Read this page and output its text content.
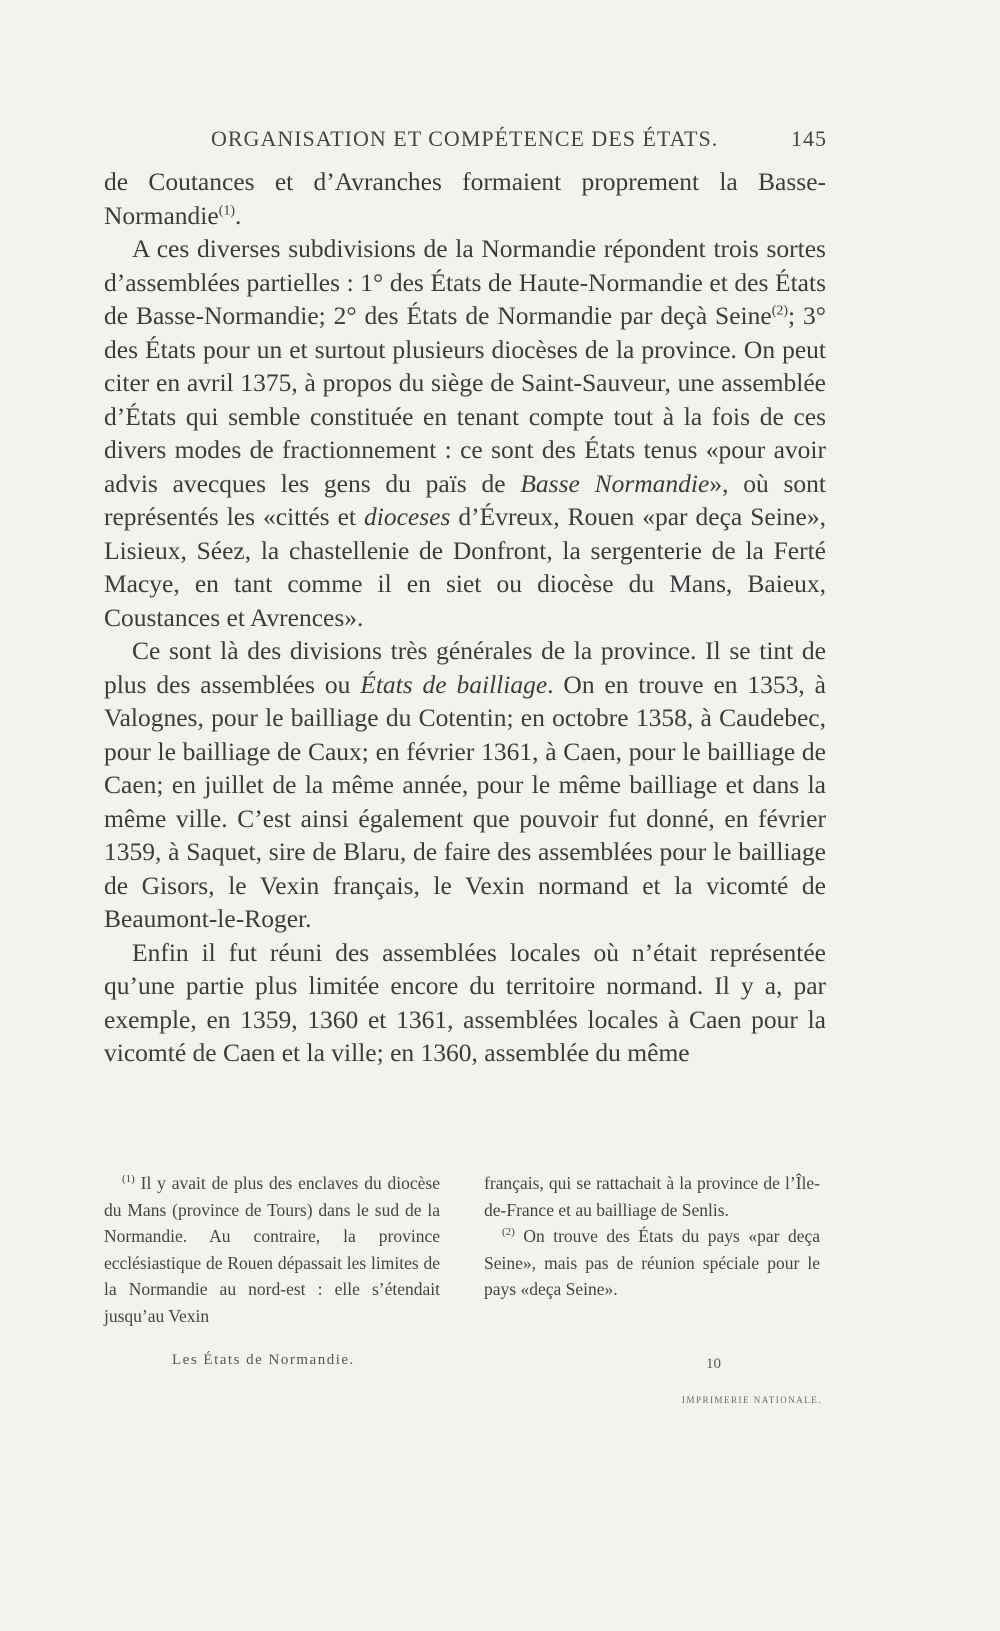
ORGANISATION ET COMPÉTENCE DES ÉTATS.	145

de Coutances et d’Avranches formaient proprement la Basse-Normandie$^{(1)}$.

A ces diverses subdivisions de la Normandie répondent trois sortes d’assemblées partielles : 1° des États de Haute-Normandie et des États de Basse-Normandie; 2° des États de Normandie par deçà Seine$^{(2)}$; 3° des États pour un et surtout plusieurs diocèses de la province. On peut citer en avril 1375, à propos du siège de Saint-Sauveur, une assemblée d’États qui semble constituée en tenant compte tout à la fois de ces divers modes de fractionnement : ce sont des États tenus «pour avoir advis avecques les gens du païs de Basse Normandie», où sont représentés les «cittés et dioceses d’Évreux, Rouen «par deça Seine», Lisieux, Séez, la chastellenie de Donfront, la sergenterie de la Ferté Macye, en tant comme il en siet ou diocèse du Mans, Baieux, Coustances et Avrences».

Ce sont là des divisions très générales de la province. Il se tint de plus des assemblées ou États de bailliage. On en trouve en 1353, à Valognes, pour le bailliage du Cotentin; en octobre 1358, à Caudebec, pour le bailliage de Caux; en février 1361, à Caen, pour le bailliage de Caen; en juillet de la même année, pour le même bailliage et dans la même ville. C’est ainsi également que pouvoir fut donné, en février 1359, à Saquet, sire de Blaru, de faire des assemblées pour le bailliage de Gisors, le Vexin français, le Vexin normand et la vicomté de Beaumont-le-Roger.

Enfin il fut réuni des assemblées locales où n’était représentée qu’une partie plus limitée encore du territoire normand. Il y a, par exemple, en 1359, 1360 et 1361, assemblées locales à Caen pour la vicomté de Caen et la ville; en 1360, assemblée du même

$^{(1)}$ Il y avait de plus des enclaves du diocèse du Mans (province de Tours) dans le sud de la Normandie. Au contraire, la province ecclésiastique de Rouen dépassait les limites de la Normandie au nord-est : elle s’étendait jusqu’au Vexin

français, qui se rattachait à la province de l’Île-de-France et au bailliage de Senlis.

$^{(2)}$ On trouve des États du pays «par deça Seine», mais pas de réunion spéciale pour le pays «deça Seine».

Les États de Normandie.	10
IMPRIMERIE NATIONALE.
